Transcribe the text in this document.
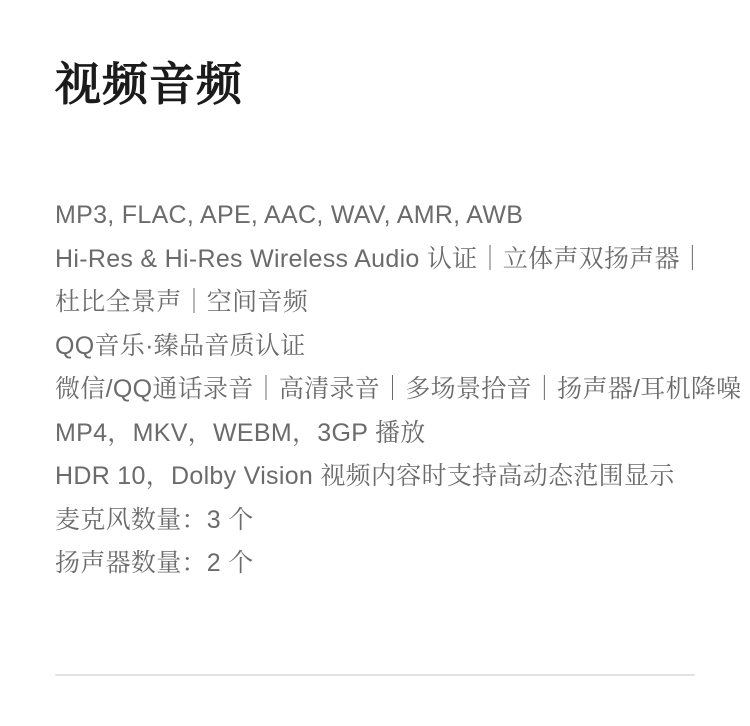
视频音频
MP3, FLAC, APE, AAC, WAV, AMR, AWB
Hi-Res & Hi-Res Wireless Audio 认证｜立体声双扬声器｜
杜比全景声｜空间音频
QQ音乐·臻品音质认证
微信/QQ通话录音｜高清录音｜多场景拾音｜扬声器/耳机降噪
MP4，MKV，WEBM，3GP 播放
HDR 10，Dolby Vision 视频内容时支持高动态范围显示
麦克风数量：3 个
扬声器数量：2 个
